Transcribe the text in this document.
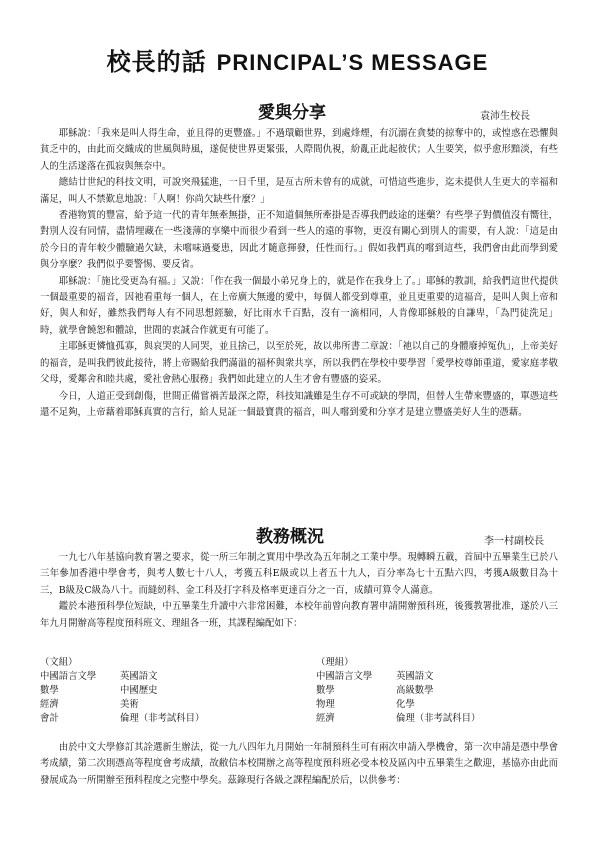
校長的話 PRINCIPAL’S MESSAGE
愛與分享	袁沛生校長

耶穌說：「我來是叫人得生命，並且得的更豐盛。」不過環顧世界，到處烽煙，有沉溺在貪婪的掠奪中的，或惶惑在恐懼與貧乏中的，由此而交織成的世風與時風，遂促使世界更緊張，人際間仇視，紛亂正此起彼伏；人生要笑，似乎愈形黯淡，有些人的生活遂落在孤寂與無奈中。

總結廿世紀的科技文明，可說突飛猛進，一日千里，是亙古所未曾有的成就，可惜這些進步，迄未提供人生更大的幸福和滿足，叫人不禁歎息地說：「人啊！你尚欠缺些什麼？」

香港物質的豐富，給予這一代的青年無牽無掛，正不知道個無所牽掛是否導我們歧途的迷藥？有些學子對價值沒有嚮往，對別人沒有同情，盡情埋藏在一些淺薄的享樂中而很少看到一些人的遠的事物，更沒有關心到別人的需要，有人說：「這是由於今日的青年較少體驗過欠缺，未嚐味過憂患，因此才隨意揮發，任性而行。」假如我們真的嚐到這些，我們會由此而學到愛與分享麼？我們似乎要警惕、要反省。

耶穌說：「施比受更為有福。」又說：「作在我一個最小弟兄身上的，就是作在我身上了。」耶穌的教訓，給我們這世代提供一個最重要的福音，因祂看重每一個人，在上帝廣大無邊的愛中，每個人都受到尊重，並且更重要的這福音，是叫人與上帝和好，與人和好，雖然我們每人有不同思想經驗，好比雨水千百點，沒有一滴相同，人肯像耶穌般的自謙卑，「為門徒洗足」時，就學會饒恕和體諒，世間的衷誠合作就更有可能了。

主耶穌更憐恤孤寡，與哀哭的人同哭，並且捨己，以至於死，故以弗所書二章說：「祂以自己的身體廢掉冤仇」，上帝美好的福音，是叫我們彼此接待，將上帝賜給我們滿溢的福杯與衆共享，所以我們在學校中要學習「愛學校尊師重道，愛家庭孝敬父母，愛鄰舍和睦共處，愛社會熱心服務」我們如此建立的人生才會有豐盛的姿采。

今日，人道正受到創傷，世間正備嘗禍苦最深之際，科技知識雖是生存不可或缺的學問，但替人生帶來豐盛的，單憑這些還不足夠，上帝藉着耶穌真實的言行，給人見証一個最寶貴的福音，叫人嚐到愛和分享才是建立豐盛美好人生的憑藉。

教務概況	李一村副校長

一九七八年基協向教育署之要求，從一所三年制之實用中學改為五年制之工業中學。現轉瞬五載，首屆中五畢業生已於八三年參加香港中學會考，與考人數七十八人，考獲五科E級或以上者五十九人，百分率為七十五點六四，考獲A級數目為十三，B級及C級為八十。而縫紉科、金工科及打字科及格率更達百分之一百，成績可算令人滿意。

鑑於本港預科學位短缺，中五畢業生升讀中六非常困難，本校年前曾向教育署申請開辦預科班，後獲教署批准，遂於八三年九月開辦高等程度預科班文、理組各一班，其課程編配如下：

（文組）
中國語言文學	英國語文
數學	中國歷史
經濟	美術
會計	倫理（非考試科目）
（理組）
中國語言文學	英國語文
數學	高級數學
物理	化學
經濟	倫理（非考試科目）

由於中文大學修訂其詮選新生辦法，從一九八四年九月開始一年制預科生可有兩次申請入學機會，第一次申請是憑中學會考成績，第二次則憑高等程度會考成績，故敝信本校開辦之高等程度預科班必受本校及區內中五畢業生之歡迎，基協亦由此而發展成為一所開辦至預科程度之完整中學矣。茲錄現行各級之課程編配於后，以供參考：
